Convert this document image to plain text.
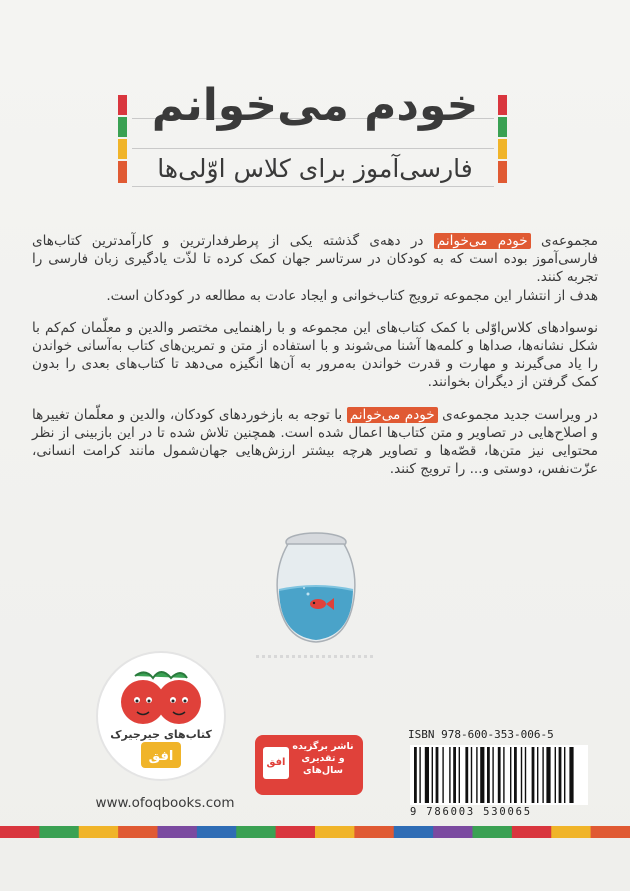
خودم می‌خوانم
فارسی‌آموز برای کلاس اوّلی‌ها

مجموعه‌ی خودم می‌خوانم در دهه‌ی گذشته یکی از پرطرفدارترین و کارآمدترین کتاب‌های فارسی‌آموز بوده است که به کودکان در سرتاسر جهان کمک کرده تا لذّت یادگیری زبان فارسی را تجربه کنند.

هدف از انتشار این مجموعه ترویج کتاب‌خوانی و ایجاد عادت به مطالعه در کودکان است.

نوسوادهای کلاس‌اوّلی با کمک کتاب‌های این مجموعه و با راهنمایی مختصر والدین و معلّمان کم‌کم با شکل نشانه‌ها، صداها و کلمه‌ها آشنا می‌شوند و با استفاده از متن و تمرین‌های کتاب به‌آسانی خواندن را یاد می‌گیرند و مهارت و قدرت خواندن به‌مرور به آن‌ها انگیزه می‌دهد تا کتاب‌های بعدی را بدون کمک گرفتن از دیگران بخوانند.

در ویراست جدید مجموعه‌ی خودم می‌خوانم با توجه به بازخوردهای کودکان، والدین و معلّمان تغییرها و اصلاح‌هایی در تصاویر و متن کتاب‌ها اعمال شده است. همچنین تلاش شده تا در این بازبینی از نظر محتوایی نیز متن‌ها، قصّه‌ها و تصاویر هرچه بیشتر ارزش‌هایی جهان‌شمول مانند کرامت انسانی، عزّت‌نفس، دوستی و... را ترویج کنند.

کتاب‌های جیرجیرک
افق
www.ofoqbooks.com
افق
ناشر برگزیده و تقدیری سال‌های
ISBN 978-600-353-006-5
9 786003 530065
